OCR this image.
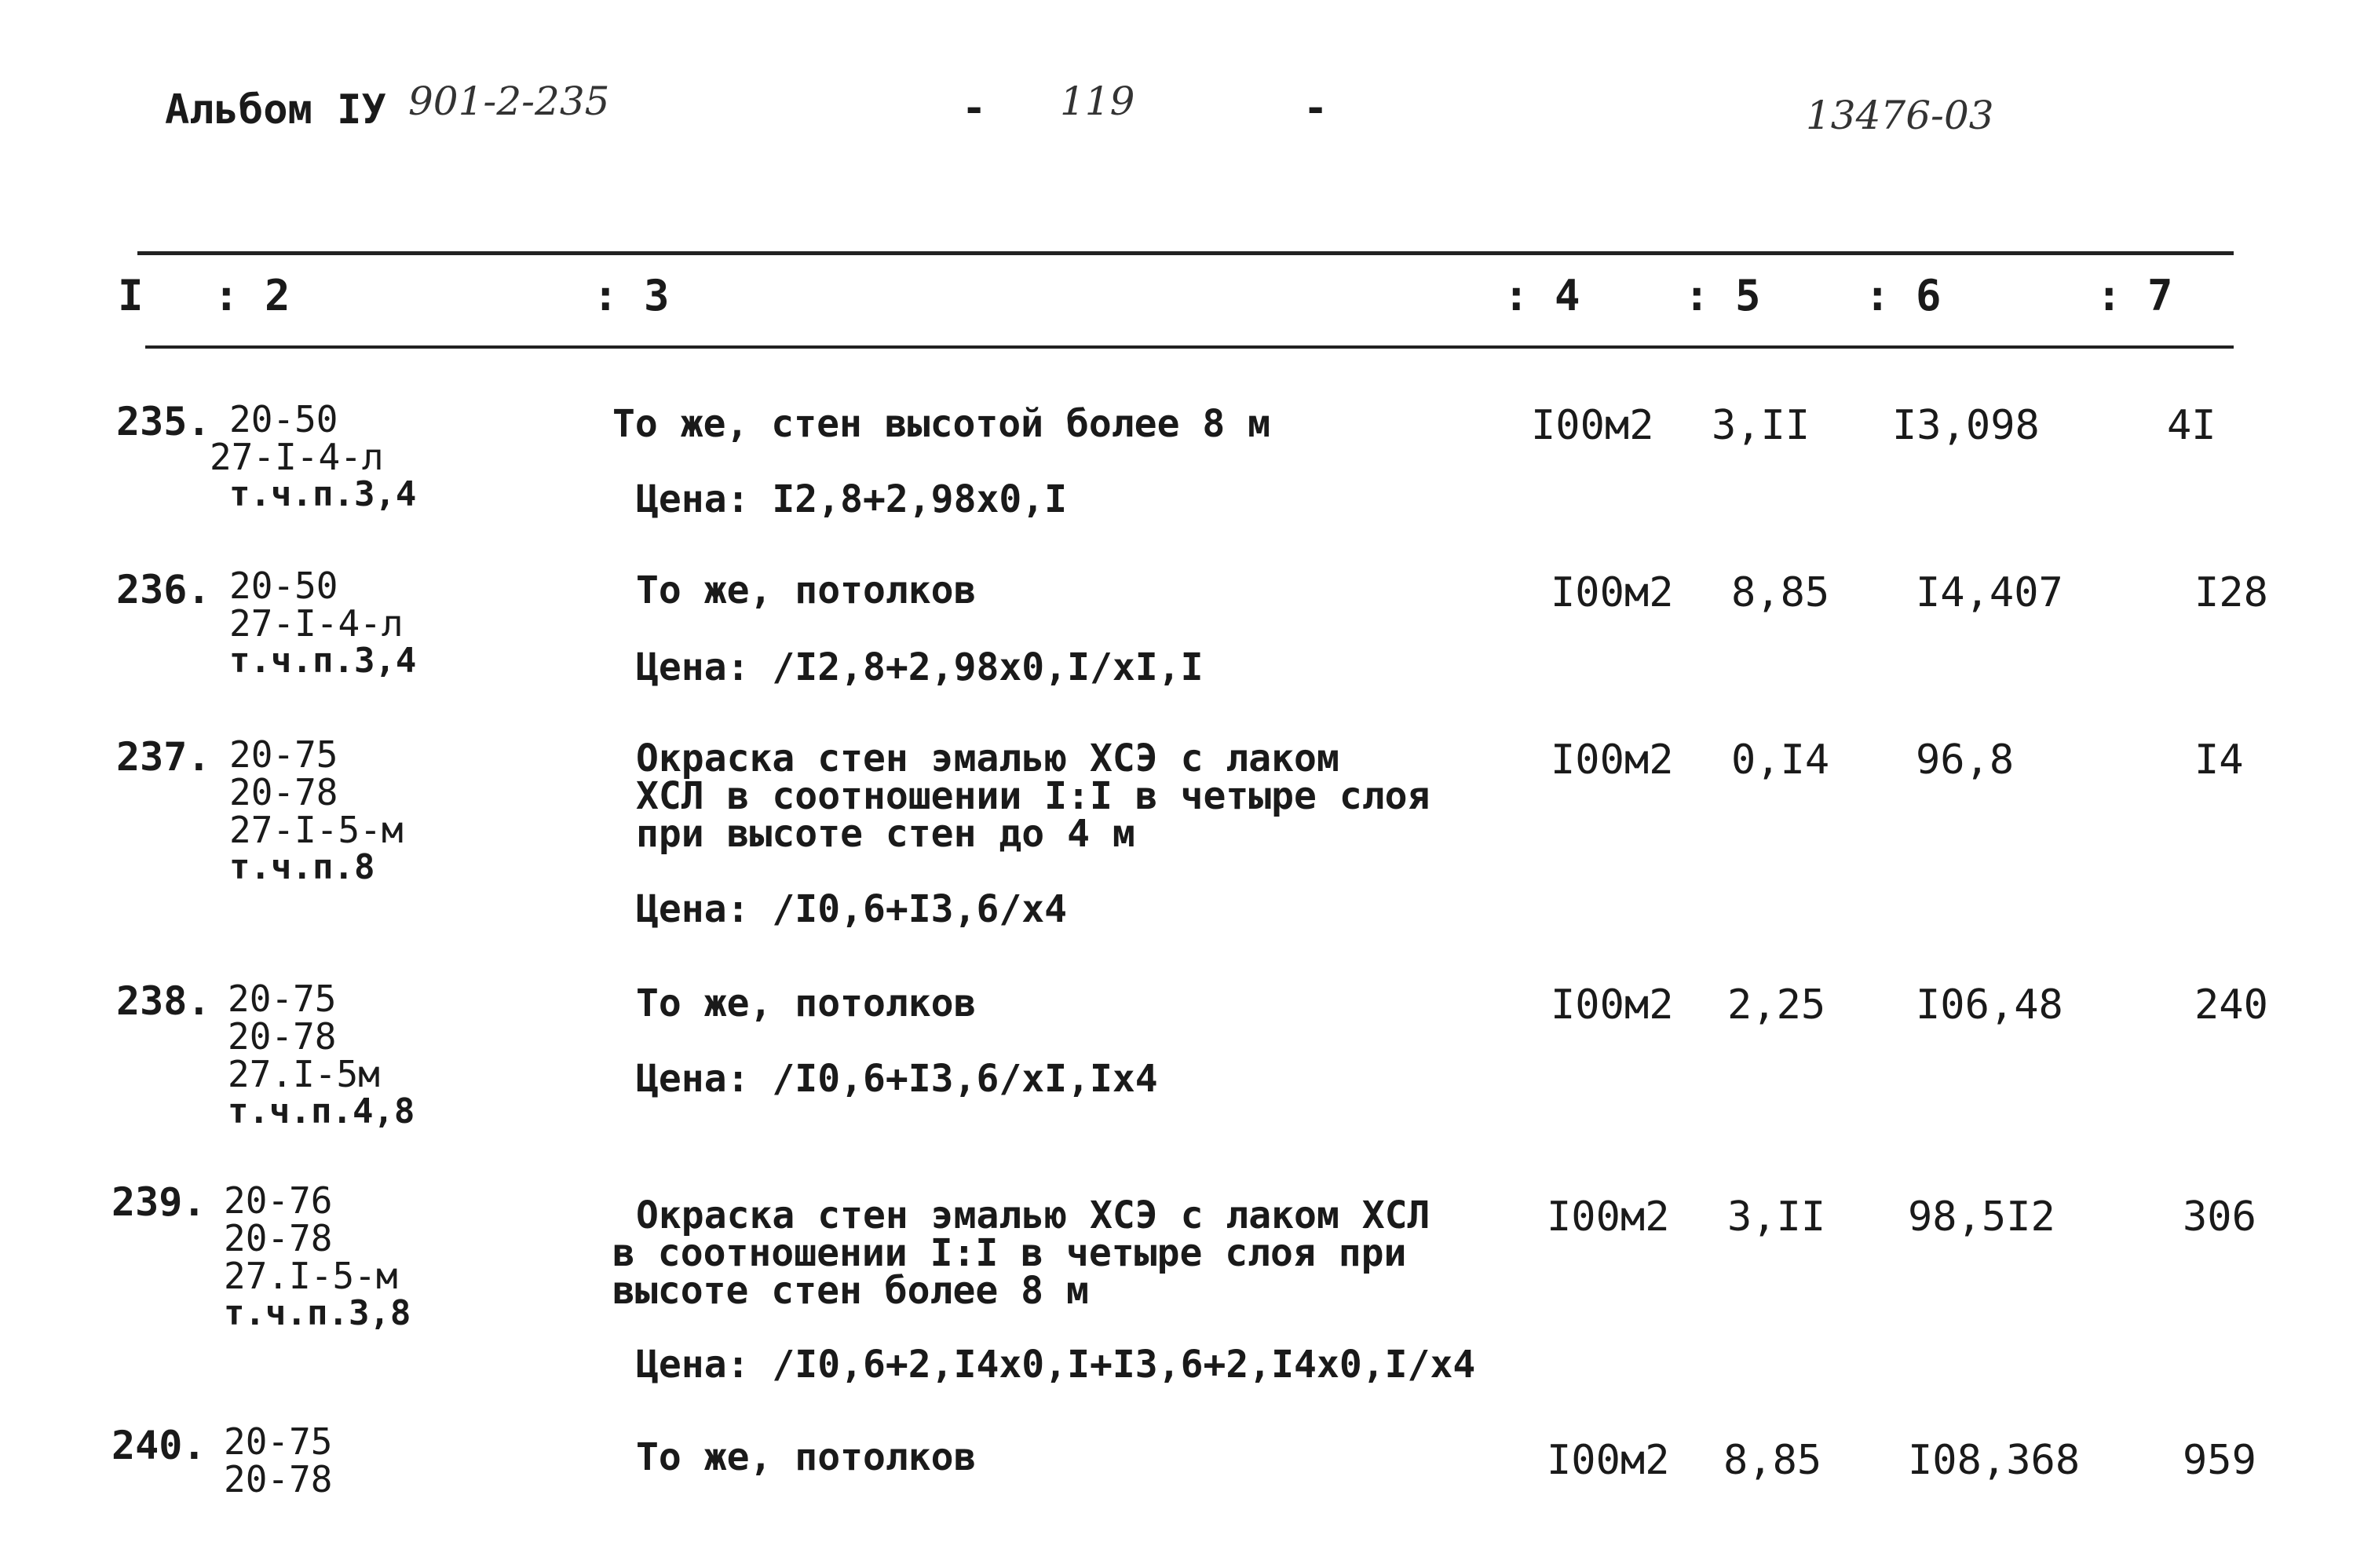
Альбом IУ 901-2-235	- 119	-	13476-03
I : 2	: 3	: 4 : 5 : 6	: 7
235. 20-50
27-I-4-л
т.ч.п.3,4
То же, стен высотой более 8 м
Цена: I2,8+2,98х0,I
I00м2 3,II I3,098	4I
236. 20-50
27-I-4-л
т.ч.п.3,4
То же, потолков
Цена: /I2,8+2,98х0,I/хI,I
I00м2 8,85 I4,407	I28
237. 20-75
20-78
27-I-5-м
т.ч.п.8
Окраска стен эмалью ХСЭ с лаком
ХСЛ в соотношении I:I в четыре слоя
при высоте стен до 4 м
Цена: /I0,6+I3,6/х4
I00м2 0,I4 96,8	I4
238. 20-75
20-78
27.I-5м
т.ч.п.4,8
То же, потолков
Цена: /I0,6+I3,6/хI,Iх4
I00м2 2,25 I06,48	240
239. 20-76
20-78
27.I-5-м
т.ч.п.3,8
Окраска стен эмалью ХСЭ с лаком ХСЛ
в соотношении I:I в четыре слоя при
высоте стен более 8 м
Цена: /I0,6+2,I4х0,I+I3,6+2,I4х0,I/х4
I00м2 3,II 98,5I2	306
240. 20-75
20-78	То же, потолков	I00м2 8,85 I08,368	959
